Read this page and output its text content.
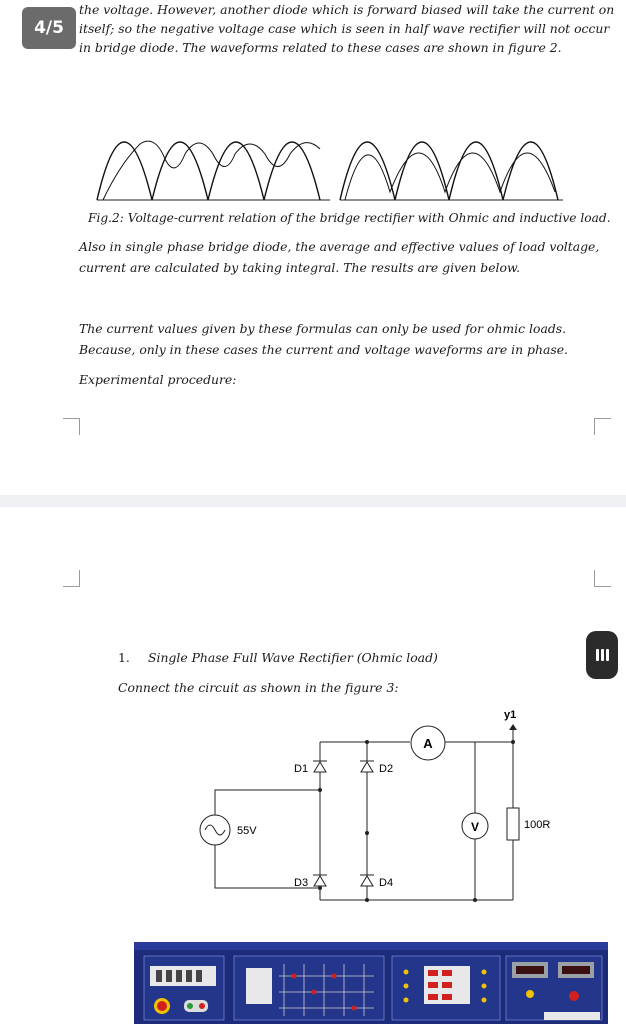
the voltage. However, another diode which is forward biased will take the current on
itself; so the negative voltage case which is seen in half wave rectifier will not occur
in bridge diode. The waveforms related to these cases are shown in figure 2.
4/5
Fig.2: Voltage-current relation of the bridge rectifier with Ohmic and inductive load.
Also in single phase bridge diode, the average and effective values of load voltage,
current are calculated by taking integral. The results are given below.
The current values given by these formulas can only be used for ohmic loads.
Because, only in these cases the current and voltage waveforms are in phase.
Experimental procedure:
1. Single Phase Full Wave Rectifier (Ohmic load)
Connect the circuit as shown in the figure 3:
55V
D1	D2
D3	D4
A
V	100R
y1
